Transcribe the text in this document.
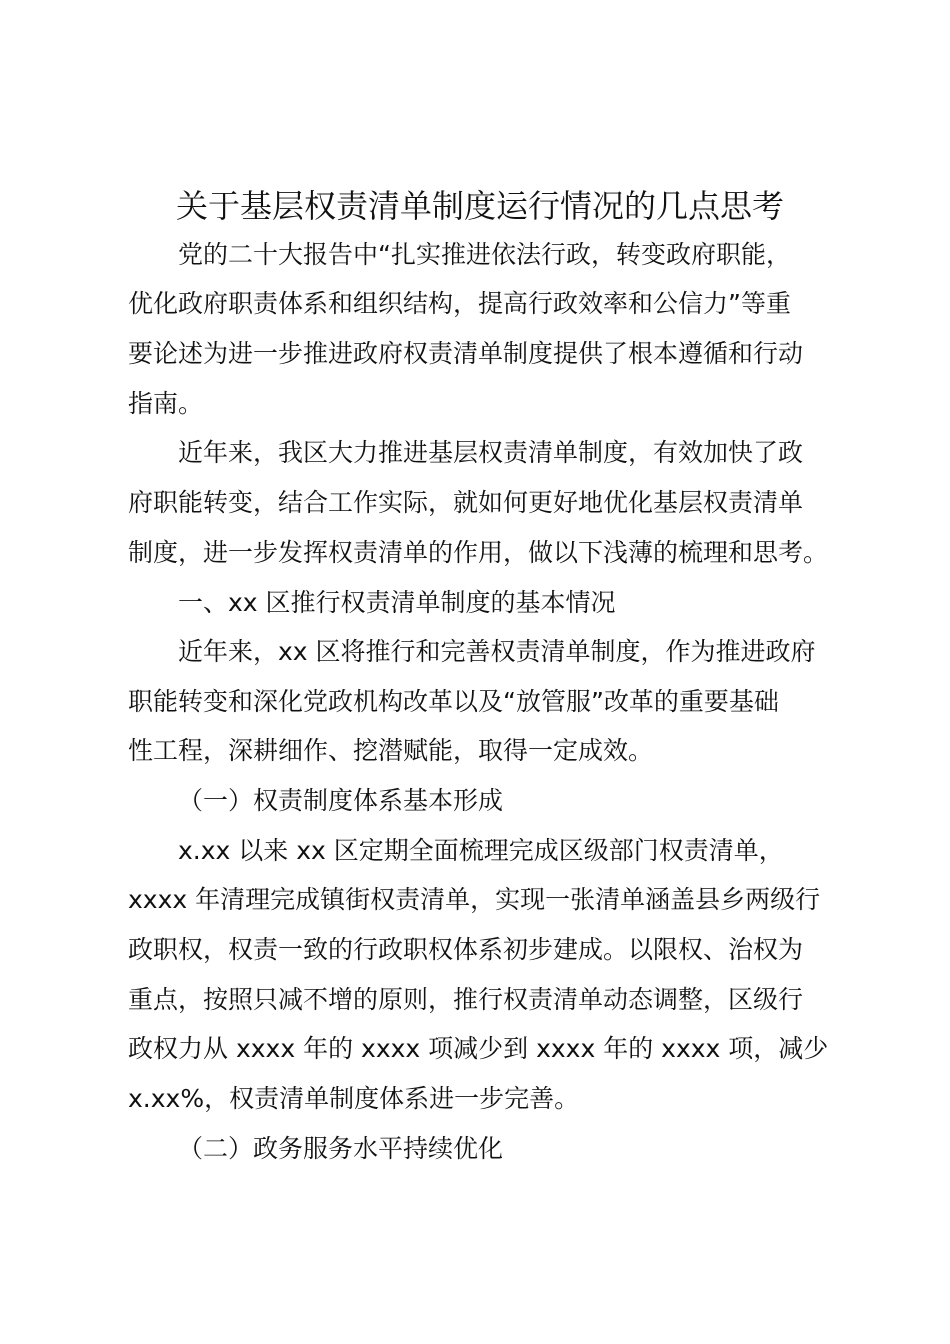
关于基层权责清单制度运行情况的几点思考
党的二十大报告中“扎实推进依法行政，转变政府职能，
优化政府职责体系和组织结构，提高行政效率和公信力”等重
要论述为进一步推进政府权责清单制度提供了根本遵循和行动
指南。
近年来，我区大力推进基层权责清单制度，有效加快了政
府职能转变，结合工作实际，就如何更好地优化基层权责清单
制度，进一步发挥权责清单的作用，做以下浅薄的梳理和思考。
一、xx 区推行权责清单制度的基本情况
近年来，xx 区将推行和完善权责清单制度，作为推进政府
职能转变和深化党政机构改革以及“放管服”改革的重要基础
性工程，深耕细作、挖潜赋能，取得一定成效。
（一）权责制度体系基本形成
x.xx 以来 xx 区定期全面梳理完成区级部门权责清单，
xxxx 年清理完成镇街权责清单，实现一张清单涵盖县乡两级行
政职权，权责一致的行政职权体系初步建成。以限权、治权为
重点，按照只减不增的原则，推行权责清单动态调整，区级行
政权力从 xxxx 年的 xxxx 项减少到 xxxx 年的 xxxx 项，减少
x.xx%，权责清单制度体系进一步完善。
（二）政务服务水平持续优化
